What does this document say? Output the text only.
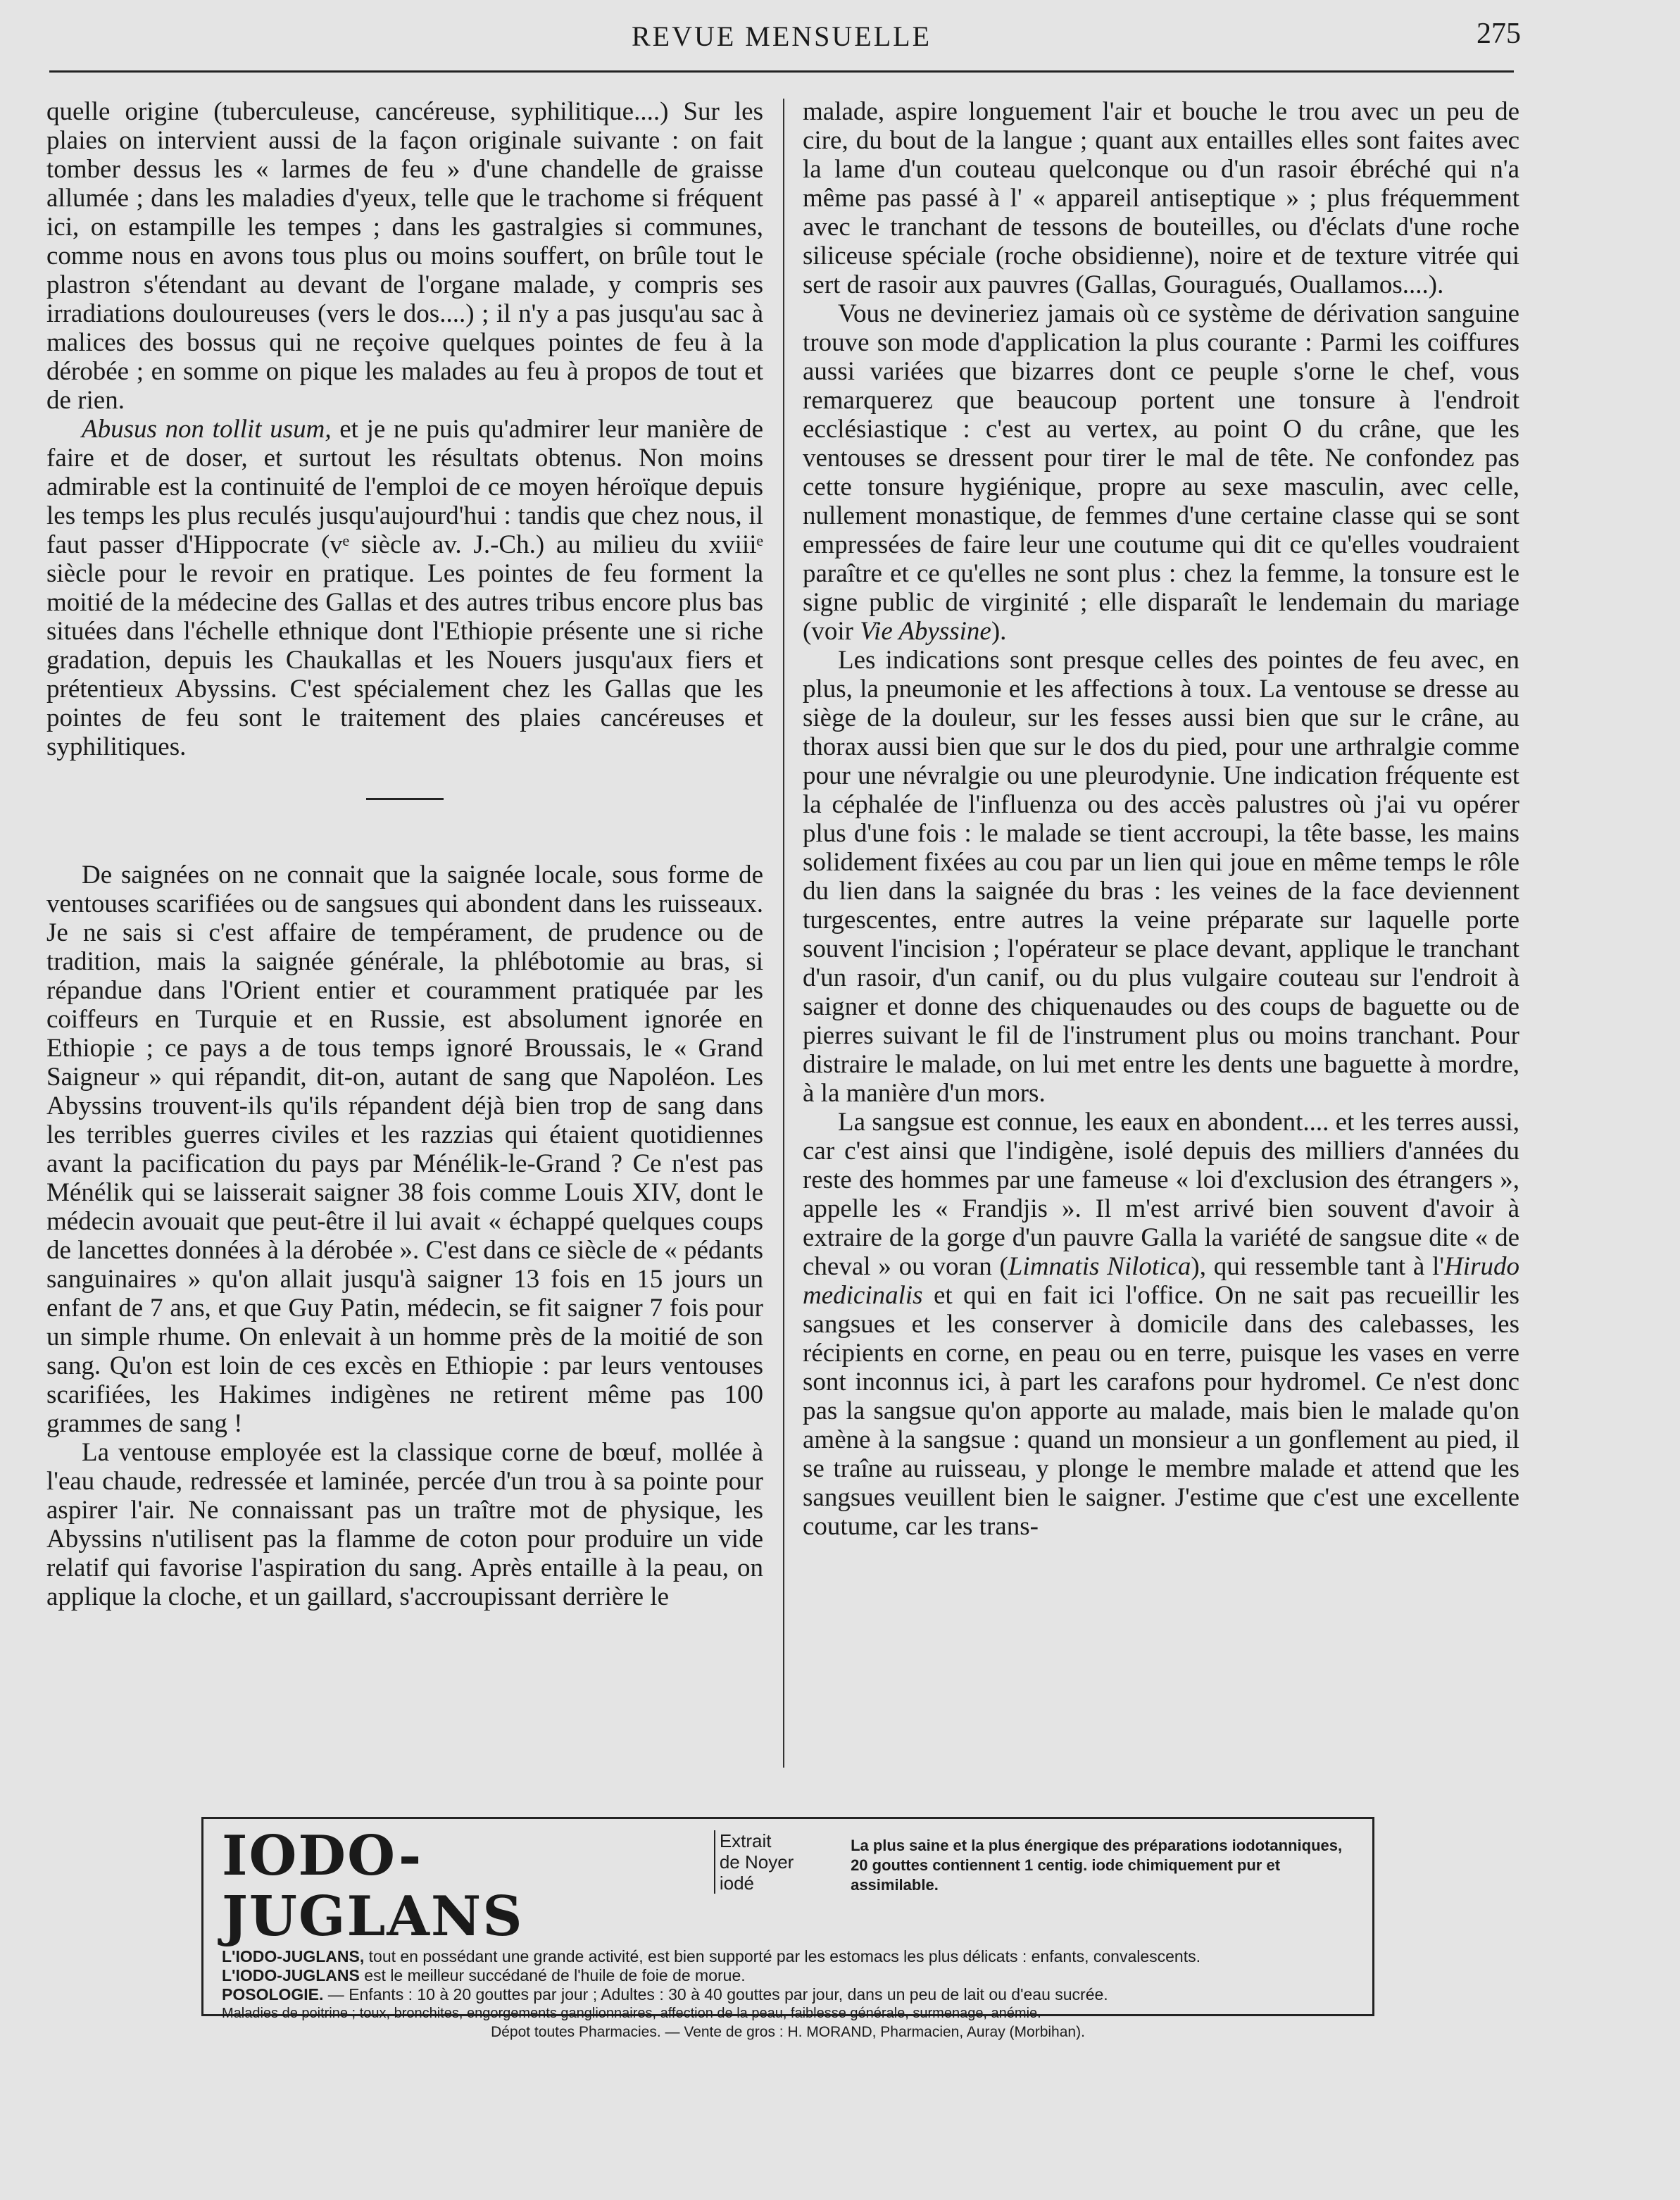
REVUE MENSUELLE	275

quelle origine (tuberculeuse, cancéreuse, syphilitique....) Sur les plaies on intervient aussi de la façon originale suivante : on fait tomber dessus les « larmes de feu » d'une chandelle de graisse allumée ; dans les maladies d'yeux, telle que le trachome si fréquent ici, on estampille les tempes ; dans les gastralgies si communes, comme nous en avons tous plus ou moins souffert, on brûle tout le plastron s'étendant au devant de l'organe malade, y compris ses irradiations douloureuses (vers le dos....) ; il n'y a pas jusqu'au sac à malices des bossus qui ne reçoive quelques pointes de feu à la dérobée ; en somme on pique les malades au feu à propos de tout et de rien.

Abusus non tollit usum, et je ne puis qu'admirer leur manière de faire et de doser, et surtout les résultats obtenus. Non moins admirable est la continuité de l'emploi de ce moyen héroïque depuis les temps les plus reculés jusqu'aujourd'hui : tandis que chez nous, il faut passer d'Hippocrate (vᵉ siècle av. J.-Ch.) au milieu du xviiiᵉ siècle pour le revoir en pratique. Les pointes de feu forment la moitié de la médecine des Gallas et des autres tribus encore plus bas situées dans l'échelle ethnique dont l'Ethiopie présente une si riche gradation, depuis les Chaukallas et les Nouers jusqu'aux fiers et prétentieux Abyssins. C'est spécialement chez les Gallas que les pointes de feu sont le traitement des plaies cancéreuses et syphilitiques.

De saignées on ne connait que la saignée locale, sous forme de ventouses scarifiées ou de sangsues qui abondent dans les ruisseaux. Je ne sais si c'est affaire de tempérament, de prudence ou de tradition, mais la saignée générale, la phlébotomie au bras, si répandue dans l'Orient entier et couramment pratiquée par les coiffeurs en Turquie et en Russie, est absolument ignorée en Ethiopie ; ce pays a de tous temps ignoré Broussais, le « Grand Saigneur » qui répandit, dit-on, autant de sang que Napoléon. Les Abyssins trouvent-ils qu'ils répandent déjà bien trop de sang dans les terribles guerres civiles et les razzias qui étaient quotidiennes avant la pacification du pays par Ménélik-le-Grand ? Ce n'est pas Ménélik qui se laisserait saigner 38 fois comme Louis XIV, dont le médecin avouait que peut-être il lui avait « échappé quelques coups de lancettes données à la dérobée ». C'est dans ce siècle de « pédants sanguinaires » qu'on allait jusqu'à saigner 13 fois en 15 jours un enfant de 7 ans, et que Guy Patin, médecin, se fit saigner 7 fois pour un simple rhume. On enlevait à un homme près de la moitié de son sang. Qu'on est loin de ces excès en Ethiopie : par leurs ventouses scarifiées, les Hakimes indigènes ne retirent même pas 100 grammes de sang !

La ventouse employée est la classique corne de bœuf, mollée à l'eau chaude, redressée et laminée, percée d'un trou à sa pointe pour aspirer l'air. Ne connaissant pas un traître mot de physique, les Abyssins n'utilisent pas la flamme de coton pour produire un vide relatif qui favorise l'aspiration du sang. Après entaille à la peau, on applique la cloche, et un gaillard, s'accroupissant derrière le

malade, aspire longuement l'air et bouche le trou avec un peu de cire, du bout de la langue ; quant aux entailles elles sont faites avec la lame d'un couteau quelconque ou d'un rasoir ébréché qui n'a même pas passé à l' « appareil antiseptique » ; plus fréquemment avec le tranchant de tessons de bouteilles, ou d'éclats d'une roche siliceuse spéciale (roche obsidienne), noire et de texture vitrée qui sert de rasoir aux pauvres (Gallas, Gouragués, Ouallamos....).

Vous ne devineriez jamais où ce système de dérivation sanguine trouve son mode d'application la plus courante : Parmi les coiffures aussi variées que bizarres dont ce peuple s'orne le chef, vous remarquerez que beaucoup portent une tonsure à l'endroit ecclésiastique : c'est au vertex, au point O du crâne, que les ventouses se dressent pour tirer le mal de tête. Ne confondez pas cette tonsure hygiénique, propre au sexe masculin, avec celle, nullement monastique, de femmes d'une certaine classe qui se sont empressées de faire leur une coutume qui dit ce qu'elles voudraient paraître et ce qu'elles ne sont plus : chez la femme, la tonsure est le signe public de virginité ; elle disparaît le lendemain du mariage (voir Vie Abyssine).

Les indications sont presque celles des pointes de feu avec, en plus, la pneumonie et les affections à toux. La ventouse se dresse au siège de la douleur, sur les fesses aussi bien que sur le crâne, au thorax aussi bien que sur le dos du pied, pour une arthralgie comme pour une névralgie ou une pleurodynie. Une indication fréquente est la céphalée de l'influenza ou des accès palustres où j'ai vu opérer plus d'une fois : le malade se tient accroupi, la tête basse, les mains solidement fixées au cou par un lien qui joue en même temps le rôle du lien dans la saignée du bras : les veines de la face deviennent turgescentes, entre autres la veine préparate sur laquelle porte souvent l'incision ; l'opérateur se place devant, applique le tranchant d'un rasoir, d'un canif, ou du plus vulgaire couteau sur l'endroit à saigner et donne des chiquenaudes ou des coups de baguette ou de pierres suivant le fil de l'instrument plus ou moins tranchant. Pour distraire le malade, on lui met entre les dents une baguette à mordre, à la manière d'un mors.

La sangsue est connue, les eaux en abondent.... et les terres aussi, car c'est ainsi que l'indigène, isolé depuis des milliers d'années du reste des hommes par une fameuse « loi d'exclusion des étrangers », appelle les « Frandjis ». Il m'est arrivé bien souvent d'avoir à extraire de la gorge d'un pauvre Galla la variété de sangsue dite « de cheval » ou voran (Limnatis Nilotica), qui ressemble tant à l'Hirudo medicinalis et qui en fait ici l'office. On ne sait pas recueillir les sangsues et les conserver à domicile dans des calebasses, les récipients en corne, en peau ou en terre, puisque les vases en verre sont inconnus ici, à part les carafons pour hydromel. Ce n'est donc pas la sangsue qu'on apporte au malade, mais bien le malade qu'on amène à la sangsue : quand un monsieur a un gonflement au pied, il se traîne au ruisseau, y plonge le membre malade et attend que les sangsues veuillent bien le saigner. J'estime que c'est une excellente coutume, car les trans-

IODO-JUGLANS
Extrait
de Noyer iodé
La plus saine et la plus énergique des préparations iodotanniques,
20 gouttes contiennent 1 centig. iode chimiquement pur et assimilable.
L'IODO-JUGLANS, tout en possédant une grande activité, est bien supporté par les estomacs les plus délicats : enfants, convalescents.
L'IODO-JUGLANS est le meilleur succédané de l'huile de foie de morue.
POSOLOGIE. — Enfants : 10 à 20 gouttes par jour ; Adultes : 30 à 40 gouttes par jour, dans un peu de lait ou d'eau sucrée.
Maladies de poitrine ; toux, bronchites, engorgements ganglionnaires, affection de la peau, faiblesse générale, surmenage, anémie.
Dépot toutes Pharmacies. — Vente de gros : H. MORAND, Pharmacien, Auray (Morbihan).
